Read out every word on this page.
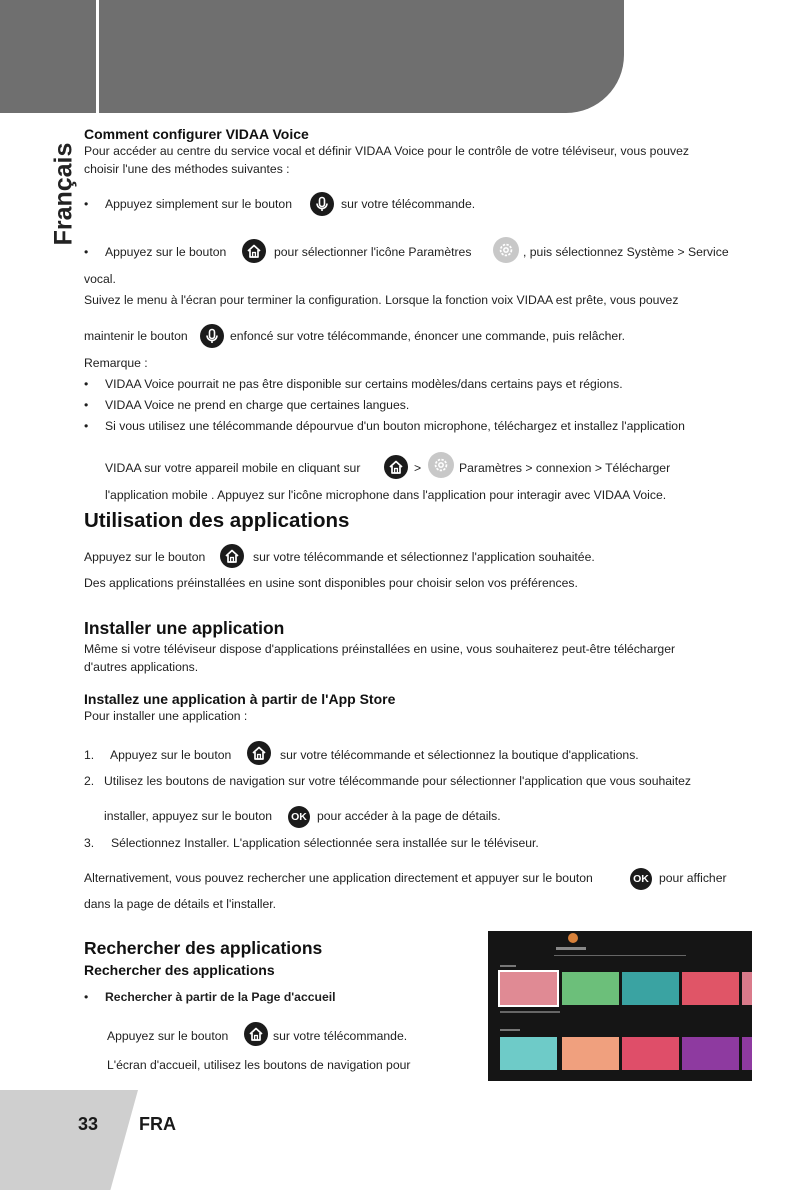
Français
Comment configurer VIDAA Voice
Pour accéder au centre du service vocal et définir VIDAA Voice pour le contrôle de votre téléviseur, vous pouvez
choisir l'une des méthodes suivantes :
• Appuyez simplement sur le bouton	sur votre télécommande.
• Appuyez sur le bouton	pour sélectionner l'icône Paramètres	, puis sélectionnez Système > Service
vocal.
Suivez le menu à l'écran pour terminer la configuration. Lorsque la fonction voix VIDAA est prête, vous pouvez
maintenir le bouton	enfoncé sur votre télécommande, énoncer une commande, puis relâcher.
Remarque :
• VIDAA Voice pourrait ne pas être disponible sur certains modèles/dans certains pays et régions.
• VIDAA Voice ne prend en charge que certaines langues.
• Si vous utilisez une télécommande dépourvue d'un bouton microphone, téléchargez et installez l'application
VIDAA sur votre appareil mobile en cliquant sur	>	Paramètres > connexion > Télécharger
l'application mobile . Appuyez sur l'icône microphone dans l'application pour interagir avec VIDAA Voice.
Utilisation des applications
Appuyez sur le bouton	sur votre télécommande et sélectionnez l'application souhaitée.
Des applications préinstallées en usine sont disponibles pour choisir selon vos préférences.
Installer une application
Même si votre téléviseur dispose d'applications préinstallées en usine, vous souhaiterez peut-être télécharger
d'autres applications.
Installez une application à partir de l'App Store
Pour installer une application :
1. Appuyez sur le bouton	sur votre télécommande et sélectionnez la boutique d'applications.
2. Utilisez les boutons de navigation sur votre télécommande pour sélectionner l'application que vous souhaitez
installer, appuyez sur le bouton OK pour accéder à la page de détails.
3. Sélectionnez Installer. L'application sélectionnée sera installée sur le téléviseur.
Alternativement, vous pouvez rechercher une application directement et appuyer sur le bouton	OK pour afficher
dans la page de détails et l'installer.
Rechercher des applications
Rechercher des applications
• Rechercher à partir de la Page d'accueil
Appuyez sur le bouton	sur votre télécommande.
L'écran d'accueil, utilisez les boutons de navigation pour
33 FRA
